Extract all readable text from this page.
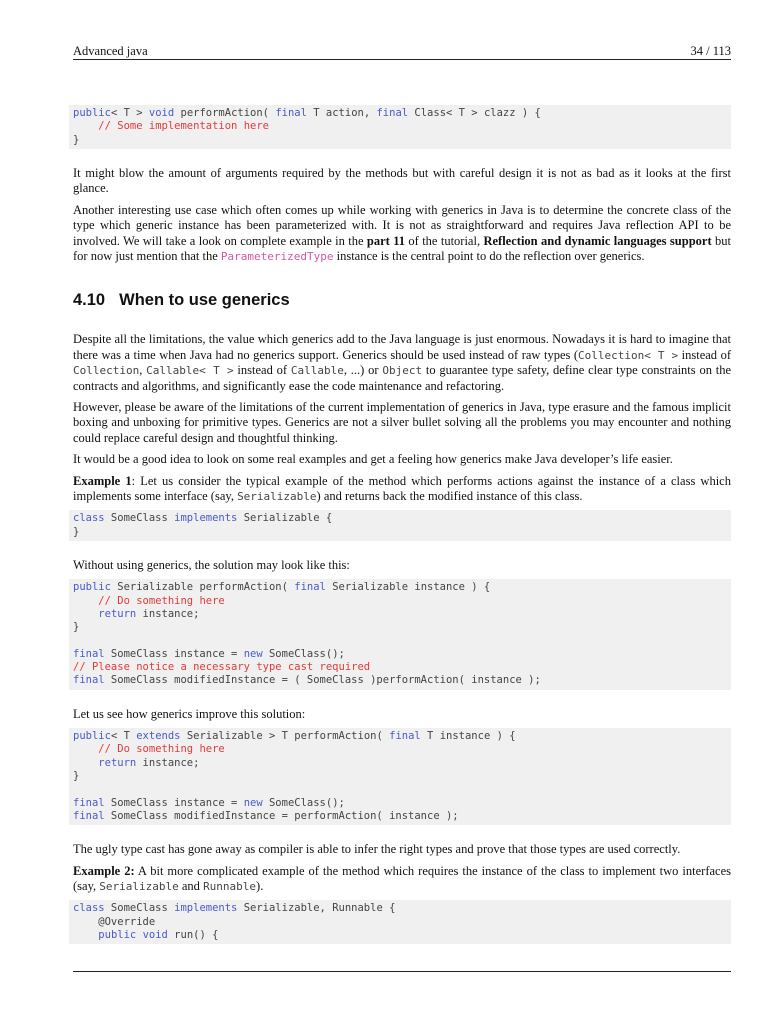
Advanced java	34 / 113
public< T > void performAction( final T action, final Class< T > clazz ) {
// Some implementation here
}

It might blow the amount of arguments required by the methods but with careful design it is not as bad as it looks at the first glance.

Another interesting use case which often comes up while working with generics in Java is to determine the concrete class of the type which generic instance has been parameterized with. It is not as straightforward and requires Java reflection API to be involved. We will take a look on complete example in the part 11 of the tutorial, Reflection and dynamic languages support but for now just mention that the ParameterizedType instance is the central point to do the reflection over generics.

4.10 When to use generics

Despite all the limitations, the value which generics add to the Java language is just enormous. Nowadays it is hard to imagine that there was a time when Java had no generics support. Generics should be used instead of raw types (Collection< T > instead of Collection, Callable< T > instead of Callable, ...) or Object to guarantee type safety, define clear type constraints on the contracts and algorithms, and significantly ease the code maintenance and refactoring.

However, please be aware of the limitations of the current implementation of generics in Java, type erasure and the famous implicit boxing and unboxing for primitive types. Generics are not a silver bullet solving all the problems you may encounter and nothing could replace careful design and thoughtful thinking.

It would be a good idea to look on some real examples and get a feeling how generics make Java developer’s life easier.

Example 1: Let us consider the typical example of the method which performs actions against the instance of a class which implements some interface (say, Serializable) and returns back the modified instance of this class.

class SomeClass implements Serializable {
}

Without using generics, the solution may look like this:

public Serializable performAction( final Serializable instance ) {
// Do something here
return instance;
}
final SomeClass instance = new SomeClass();
// Please notice a necessary type cast required
final SomeClass modifiedInstance = ( SomeClass )performAction( instance );

Let us see how generics improve this solution:

public< T extends Serializable > T performAction( final T instance ) {
// Do something here
return instance;
}
final SomeClass instance = new SomeClass();
final SomeClass modifiedInstance = performAction( instance );

The ugly type cast has gone away as compiler is able to infer the right types and prove that those types are used correctly.

Example 2: A bit more complicated example of the method which requires the instance of the class to implement two interfaces (say, Serializable and Runnable).

class SomeClass implements Serializable, Runnable {
@Override
public void run() {
